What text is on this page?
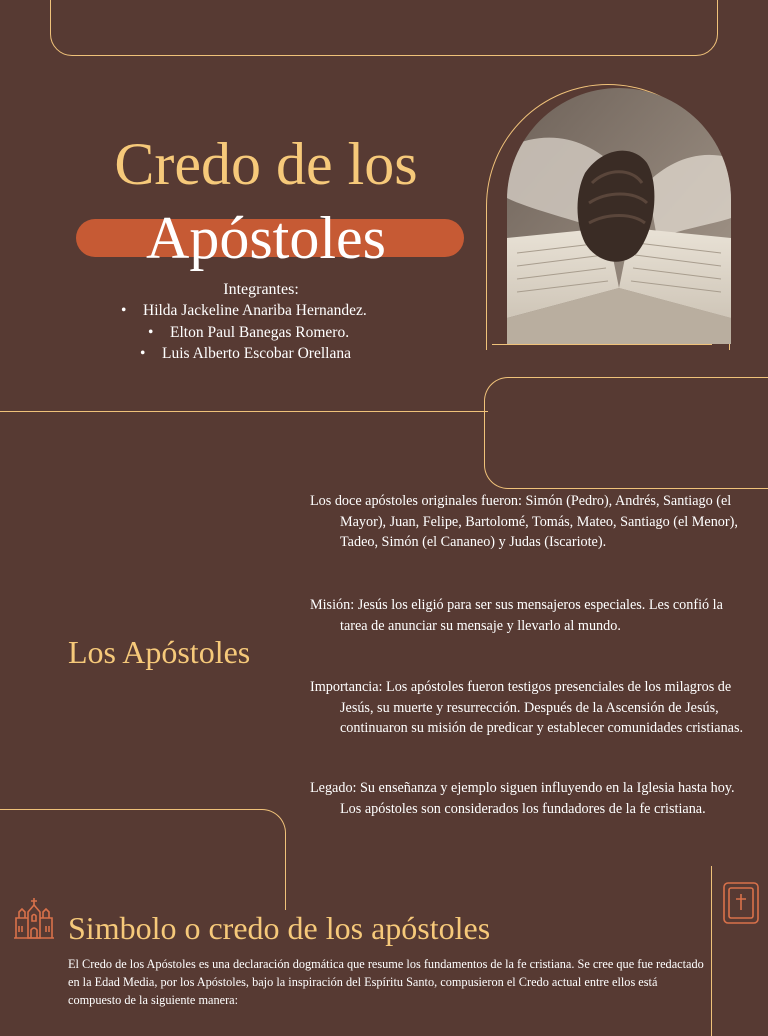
Credo de los
Apóstoles
Integrantes:
• Hilda Jackeline Anariba Hernandez.
• Elton Paul Banegas Romero.
• Luis Alberto Escobar Orellana
Los Apóstoles
Los doce apóstoles originales fueron: Simón (Pedro), Andrés, Santiago (el Mayor), Juan, Felipe, Bartolomé, Tomás, Mateo, Santiago (el Menor), Tadeo, Simón (el Cananeo) y Judas (Iscariote).
Misión: Jesús los eligió para ser sus mensajeros especiales. Les confió la tarea de anunciar su mensaje y llevarlo al mundo.
Importancia: Los apóstoles fueron testigos presenciales de los milagros de Jesús, su muerte y resurrección. Después de la Ascensión de Jesús, continuaron su misión de predicar y establecer comunidades cristianas.
Legado: Su enseñanza y ejemplo siguen influyendo en la Iglesia hasta hoy. Los apóstoles son considerados los fundadores de la fe cristiana.
Simbolo o credo de los apóstoles
El Credo de los Apóstoles es una declaración dogmática que resume los fundamentos de la fe cristiana. Se cree que fue redactado en la Edad Media, por los Apóstoles, bajo la inspiración del Espíritu Santo, compusieron el Credo actual entre ellos está compuesto de la siguiente manera:
